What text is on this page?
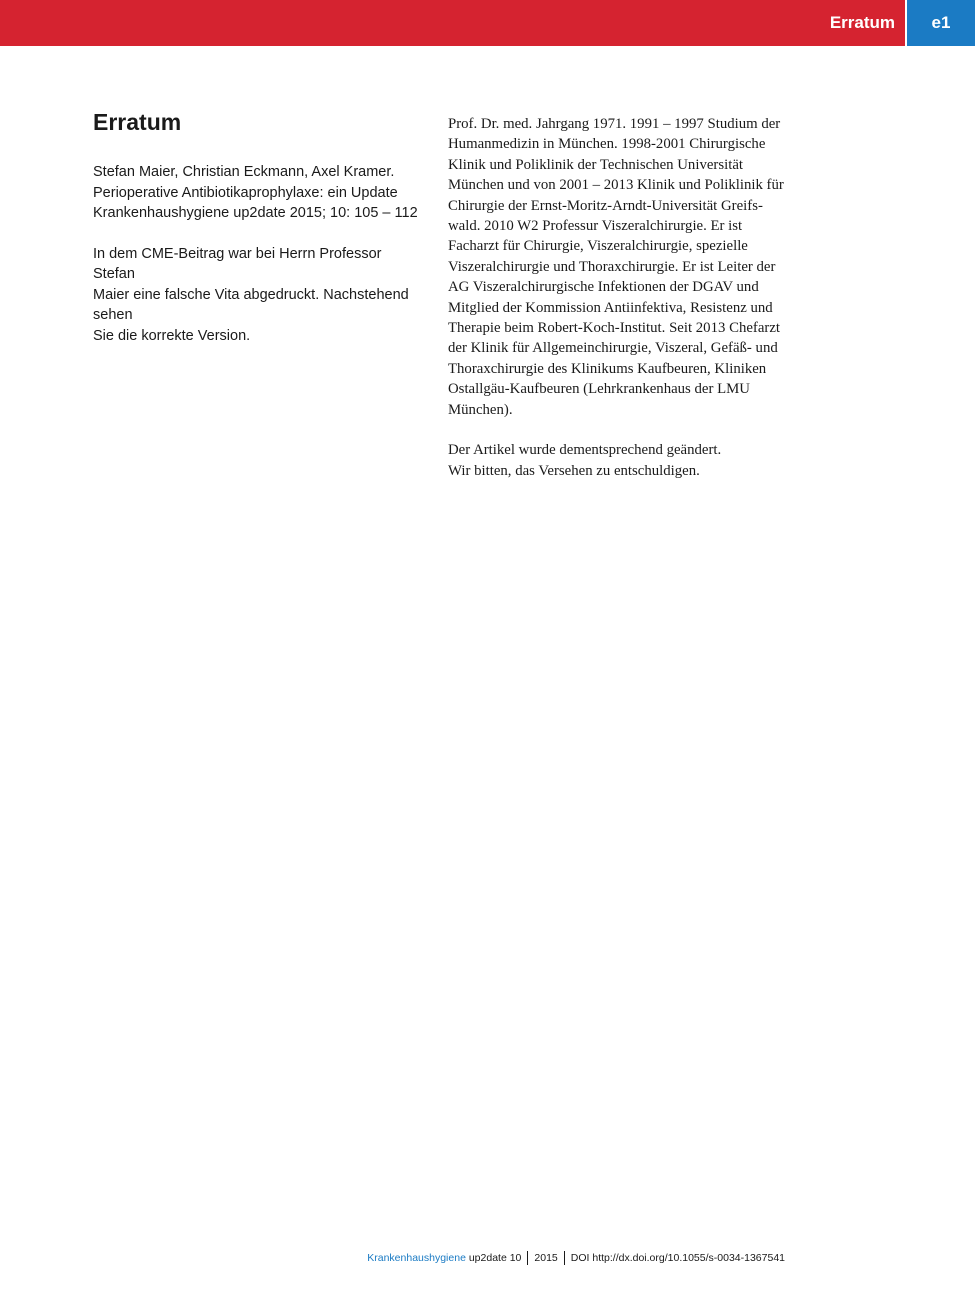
Erratum	e1
Erratum
Stefan Maier, Christian Eckmann, Axel Kramer.
Perioperative Antibiotikaprophylaxe: ein Update
Krankenhaushygiene up2date 2015; 10: 105 – 112
In dem CME-Beitrag war bei Herrn Professor Stefan
Maier eine falsche Vita abgedruckt. Nachstehend sehen
Sie die korrekte Version.
Prof. Dr. med. Jahrgang 1971. 1991 – 1997 Studium der
Humanmedizin in München. 1998-2001 Chirurgische
Klinik und Poliklinik der Technischen Universität
München und von 2001 – 2013 Klinik und Poliklinik für
Chirurgie der Ernst-Moritz-Arndt-Universität Greifs-
wald. 2010 W2 Professur Viszeralchirurgie. Er ist
Facharzt für Chirurgie, Viszeralchirurgie, spezielle
Viszeralchirurgie und Thoraxchirurgie. Er ist Leiter der
AG Viszeralchirurgische Infektionen der DGAV und
Mitglied der Kommission Antiinfektiva, Resistenz und
Therapie beim Robert-Koch-Institut. Seit 2013 Chefarzt
der Klinik für Allgemeinchirurgie, Viszeral, Gefäß- und
Thoraxchirurgie des Klinikums Kaufbeuren, Kliniken
Ostallgäu-Kaufbeuren (Lehrkrankenhaus der LMU
München).
Der Artikel wurde dementsprechend geändert.
Wir bitten, das Versehen zu entschuldigen.
Krankenhaushygiene up2date 10 2015 DOI http://dx.doi.org/10.1055/s-0034-1367541
